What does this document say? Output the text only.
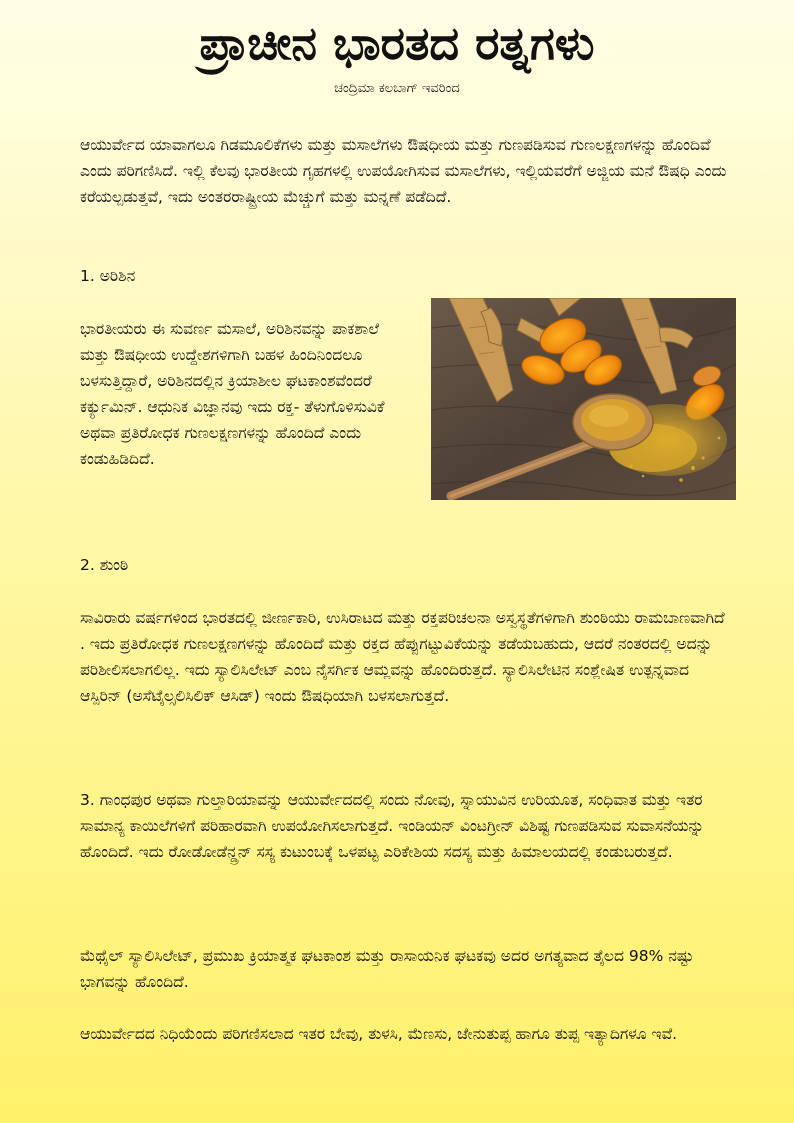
ಪ್ರಾಚೀನ ಭಾರತದ ರತ್ನಗಳು
ಚಂದ್ರಿಮಾ ಕಲಬಾಗ್ ಇವರಿಂದ

ಆಯುರ್ವೇದ ಯಾವಾಗಲೂ ಗಿಡಮೂಲಿಕೆಗಳು ಮತ್ತು ಮಸಾಲೆಗಳು ಔಷಧೀಯ ಮತ್ತು ಗುಣಪಡಿಸುವ ಗುಣಲಕ್ಷಣಗಳನ್ನು ಹೊಂದಿವೆ ಎಂದು ಪರಿಗಣಿಸಿದೆ. ಇಲ್ಲಿ ಕೆಲವು ಭಾರತೀಯ ಗೃಹಗಳಲ್ಲಿ ಉಪಯೋಗಿಸುವ ಮಸಾಲೆಗಳು, ಇಲ್ಲಿಯವರೆಗೆ ಅಜ್ಜಿಯ ಮನೆ ಔಷಧಿ ಎಂದು ಕರೆಯಲ್ಪಡುತ್ತವೆ, ಇದು ಅಂತರರಾಷ್ಟ್ರೀಯ ಮೆಚ್ಚುಗೆ ಮತ್ತು ಮನ್ನಣೆ ಪಡೆದಿದೆ.

1. ಅರಿಶಿನ

ಭಾರತೀಯರು ಈ ಸುವರ್ಣ ಮಸಾಲೆ, ಅರಿಶಿನವನ್ನು ಪಾಕಶಾಲೆ ಮತ್ತು ಔಷಧೀಯ ಉದ್ದೇಶಗಳಿಗಾಗಿ ಬಹಳ ಹಿಂದಿನಿಂದಲೂ ಬಳಸುತ್ತಿದ್ದಾರೆ, ಅರಿಶಿನದಲ್ಲಿನ ಕ್ರಿಯಾಶೀಲ ಘಟಕಾಂಶವೆಂದರೆ ಕರ್ಕ್ಯುಮಿನ್. ಆಧುನಿಕ ವಿಜ್ಞಾನವು ಇದು ರಕ್ತ- ತೆಳುಗೊಳಿಸುವಿಕೆ ಅಥವಾ ಪ್ರತಿರೋಧಕ ಗುಣಲಕ್ಷಣಗಳನ್ನು ಹೊಂದಿದೆ ಎಂದು ಕಂಡುಹಿಡಿದಿದೆ.

2. ಶುಂಠಿ

ಸಾವಿರಾರು ವರ್ಷಗಳಿಂದ ಭಾರತದಲ್ಲಿ ಜೀರ್ಣಕಾರಿ, ಉಸಿರಾಟದ ಮತ್ತು ರಕ್ತಪರಿಚಲನಾ ಅಸ್ವಸ್ಥತೆಗಳಿಗಾಗಿ ಶುಂಠಿಯು ರಾಮಬಾಣವಾಗಿದೆ . ಇದು ಪ್ರತಿರೋಧಕ ಗುಣಲಕ್ಷಣಗಳನ್ನು ಹೊಂದಿದೆ ಮತ್ತು ರಕ್ತದ ಹೆಪ್ಪುಗಟ್ಟುವಿಕೆಯನ್ನು ತಡೆಯಬಹುದು, ಆದರೆ ನಂತರದಲ್ಲಿ ಅದನ್ನು ಪರಿಶೀಲಿಸಲಾಗಲಿಲ್ಲ. ಇದು ಸ್ಯಾಲಿಸಿಲೇಟ್ ಎಂಬ ನೈಸರ್ಗಿಕ ಆಮ್ಲವನ್ನು ಹೊಂದಿರುತ್ತದೆ. ಸ್ಯಾಲಿಸಿಲೇಟಿನ ಸಂಶ್ಲೇಷಿತ ಉತ್ಪನ್ನವಾದ ಆಸ್ಪಿರಿನ್ (ಅಸೆಟೈಲ್ಸಲಿಸಿಲಿಕ್ ಆಸಿಡ್) ಇಂದು ಔಷಧಿಯಾಗಿ ಬಳಸಲಾಗುತ್ತದೆ.

3. ಗಾಂಧಪುರ ಅಥವಾ ಗುಲ್ತಾರಿಯಾವನ್ನು ಆಯುರ್ವೇದದಲ್ಲಿ ಸಂದು ನೋವು, ಸ್ನಾಯುವಿನ ಉರಿಯೂತ, ಸಂಧಿವಾತ ಮತ್ತು ಇತರ ಸಾಮಾನ್ಯ ಕಾಯಿಲೆಗಳಿಗೆ ಪರಿಹಾರವಾಗಿ ಉಪಯೋಗಿಸಲಾಗುತ್ತದೆ. ಇಂಡಿಯನ್ ವಿಂಟಗ್ರೀನ್ ವಿಶಿಷ್ಟ ಗುಣಪಡಿಸುವ ಸುವಾಸನೆಯನ್ನು ಹೊಂದಿದೆ. ಇದು ರೋಡೋಡೆನ್ಡ್ರನ್ ಸಸ್ಯ ಕುಟುಂಬಕ್ಕೆ ಒಳಪಟ್ಟ ಎರಿಕೇಶಿಯ ಸದಸ್ಯ ಮತ್ತು ಹಿಮಾಲಯದಲ್ಲಿ ಕಂಡುಬರುತ್ತದೆ.

ಮೆಥೈಲ್ ಸ್ಯಾಲಿಸಿಲೇಟ್, ಪ್ರಮುಖ ಕ್ರಿಯಾತ್ಮಕ ಘಟಕಾಂಶ ಮತ್ತು ರಾಸಾಯನಿಕ ಘಟಕವು ಅದರ ಅಗತ್ಯವಾದ ತೈಲದ 98% ನಷ್ಟು ಭಾಗವನ್ನು ಹೊಂದಿದೆ.

ಆಯುರ್ವೇದದ ನಿಧಿಯೆಂದು ಪರಿಗಣಿಸಲಾದ ಇತರ ಬೇವು, ತುಳಸಿ, ಮೆಣಸು, ಜೇನುತುಪ್ಪ ಹಾಗೂ ತುಪ್ಪ ಇತ್ಯಾದಿಗಳೂ ಇವೆ.
